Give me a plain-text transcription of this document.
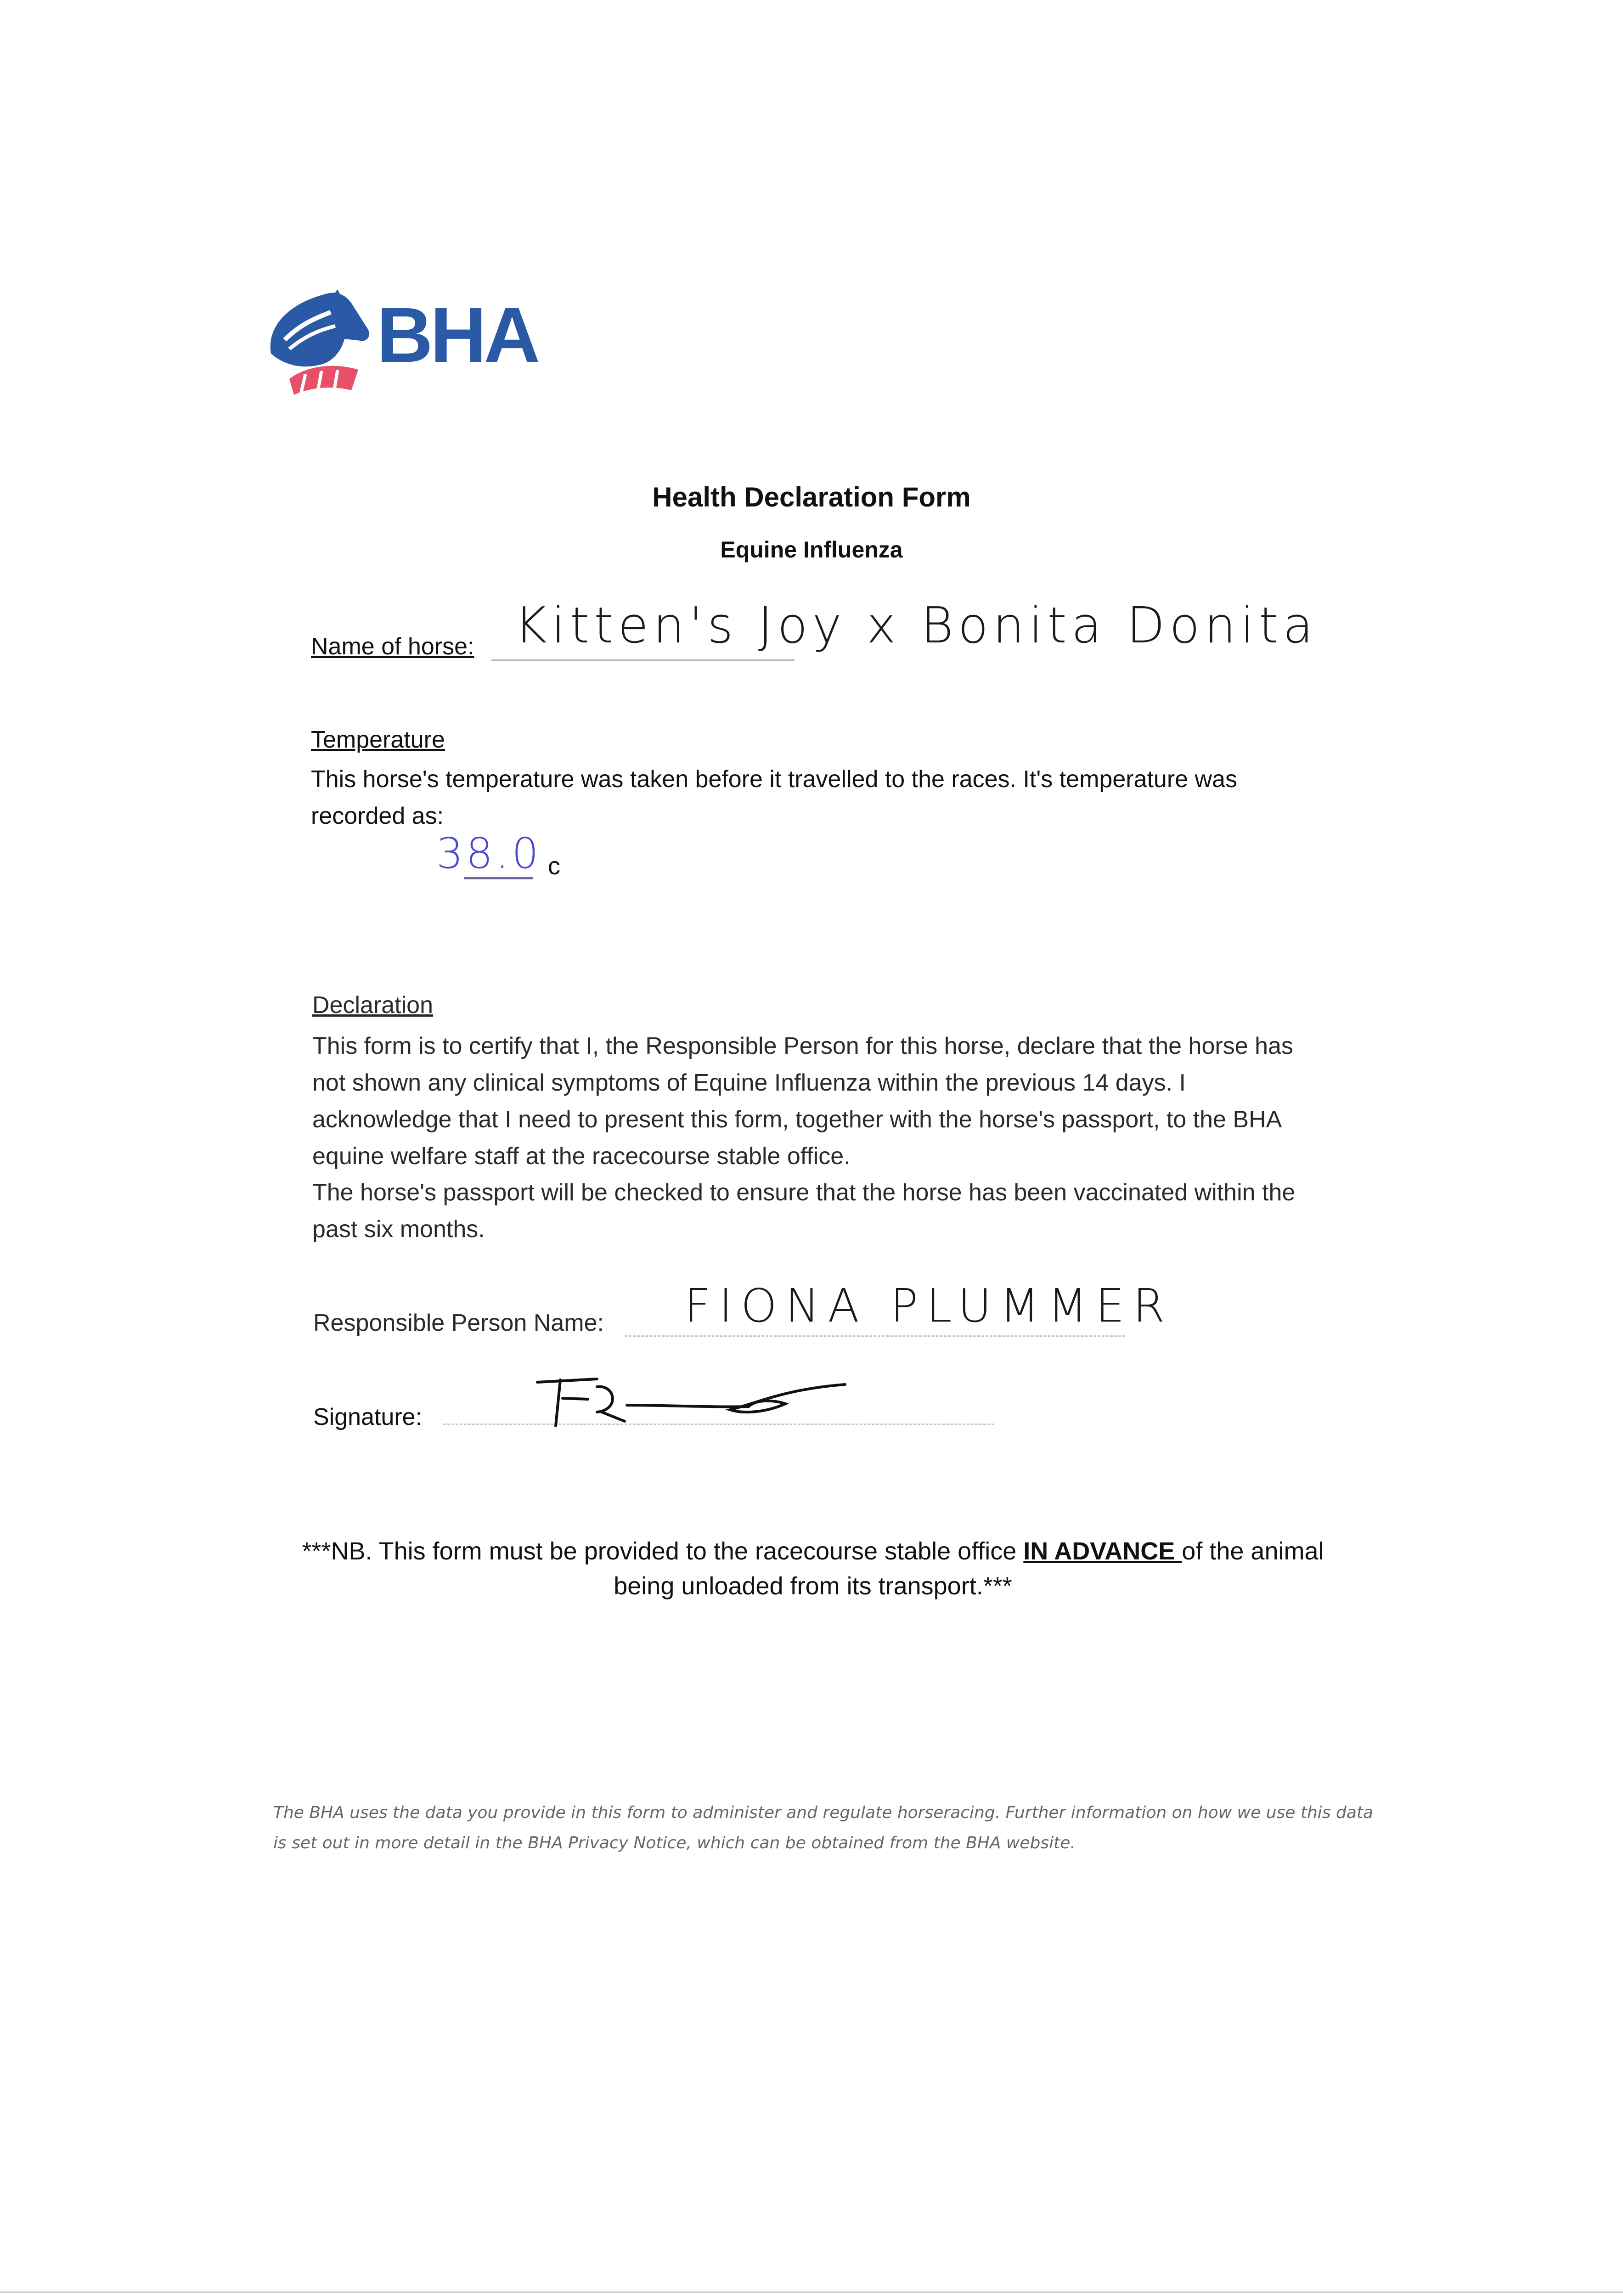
BHA
Health Declaration Form
Equine Influenza
Name of horse: Kitten's Joy x Bonita Donita
Temperature
This horse's temperature was taken before it travelled to the races. It's temperature was recorded as:
38.0 c
Declaration
This form is to certify that I, the Responsible Person for this horse, declare that the horse has not shown any clinical symptoms of Equine Influenza within the previous 14 days. I acknowledge that I need to present this form, together with the horse's passport, to the BHA equine welfare staff at the racecourse stable office.
The horse's passport will be checked to ensure that the horse has been vaccinated within the past six months.
Responsible Person Name: FIONA PLUMMER
Signature:
***NB. This form must be provided to the racecourse stable office IN ADVANCE of the animal being unloaded from its transport.***
The BHA uses the data you provide in this form to administer and regulate horseracing. Further information on how we use this data is set out in more detail in the BHA Privacy Notice, which can be obtained from the BHA website.
